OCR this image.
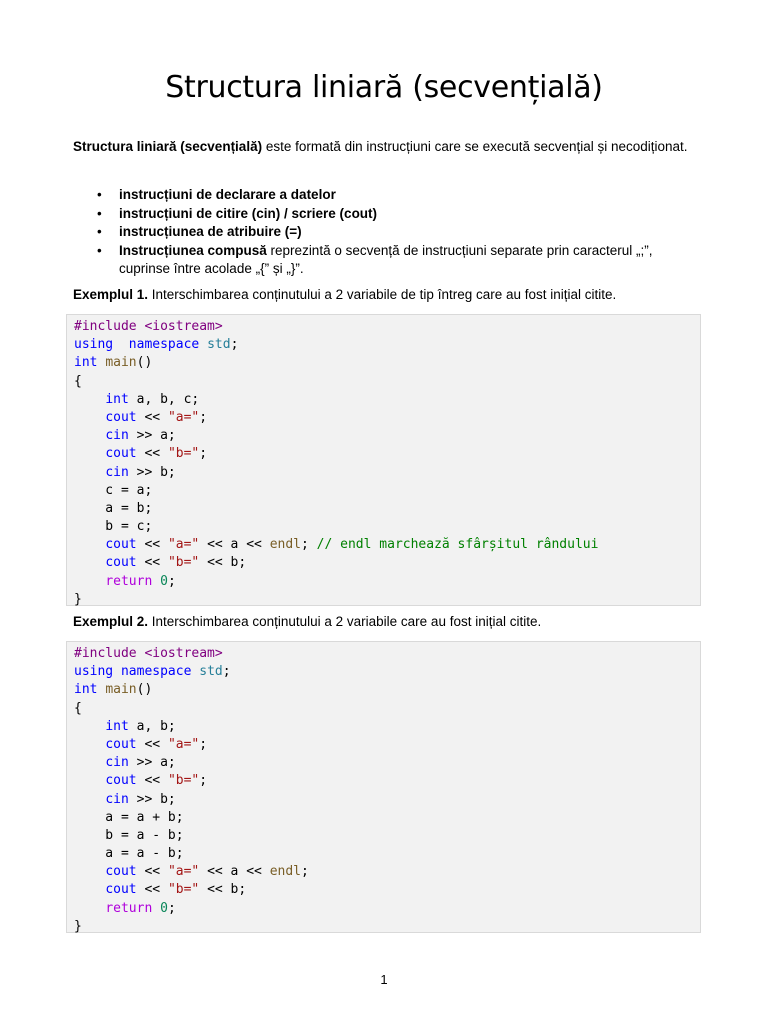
Structura liniară (secvențială)

Structura liniară (secvențială) este formată din instrucțiuni care se execută secvențial și necodiționat.

• instrucțiuni de declarare a datelor
• instrucțiuni de citire (cin) / scriere (cout)
• instrucțiunea de atribuire (=)
• Instrucțiunea compusă reprezintă o secvență de instrucțiuni separate prin caracterul „;”, cuprinse între acolade „{” și „}”.

Exemplul 1. Interschimbarea conținutului a 2 variabile de tip întreg care au fost inițial citite.

#include <iostream>
using namespace std;
int main()
{
int a, b, c;
cout << "a=";
cin >> a;
cout << "b=";
cin >> b;
c = a;
a = b;
b = c;
cout << "a=" << a << endl; // endl marchează sfârșitul rândului
cout << "b=" << b;
return 0;
}

Exemplul 2. Interschimbarea conținutului a 2 variabile care au fost inițial citite.

#include <iostream>
using namespace std;
int main()
{
int a, b;
cout << "a=";
cin >> a;
cout << "b=";
cin >> b;
a = a + b;
b = a - b;
a = a - b;
cout << "a=" << a << endl;
cout << "b=" << b;
return 0;
}
1
